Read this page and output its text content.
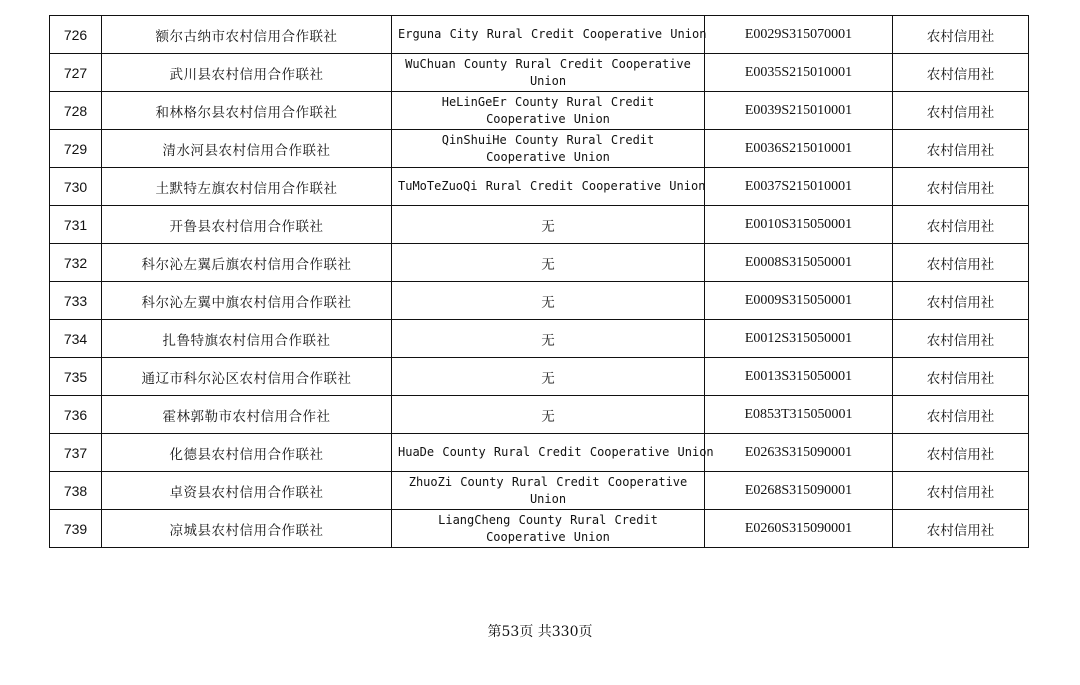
726	额尔古纳市农村信用合作联社	Erguna City Rural Credit Cooperative Union	E0029S315070001	农村信用社
727	武川县农村信用合作联社	WuChuan County Rural Credit Cooperative Union	E0035S215010001	农村信用社
728	和林格尔县农村信用合作联社	HeLinGeEr County Rural Credit Cooperative Union	E0039S215010001	农村信用社
729	清水河县农村信用合作联社	QinShuiHe County Rural Credit Cooperative Union	E0036S215010001	农村信用社
730	土默特左旗农村信用合作联社	TuMoTeZuoQi Rural Credit Cooperative Union	E0037S215010001	农村信用社
731	开鲁县农村信用合作联社	无	E0010S315050001	农村信用社
732	科尔沁左翼后旗农村信用合作联社	无	E0008S315050001	农村信用社
733	科尔沁左翼中旗农村信用合作联社	无	E0009S315050001	农村信用社
734	扎鲁特旗农村信用合作联社	无	E0012S315050001	农村信用社
735	通辽市科尔沁区农村信用合作联社	无	E0013S315050001	农村信用社
736	霍林郭勒市农村信用合作社	无	E0853T315050001	农村信用社
737	化德县农村信用合作联社	HuaDe County Rural Credit Cooperative Union	E0263S315090001	农村信用社
738	卓资县农村信用合作联社	ZhuoZi County Rural Credit Cooperative Union	E0268S315090001	农村信用社
739	凉城县农村信用合作联社	LiangCheng County Rural Credit Cooperative Union	E0260S315090001	农村信用社
第53页 共330页
